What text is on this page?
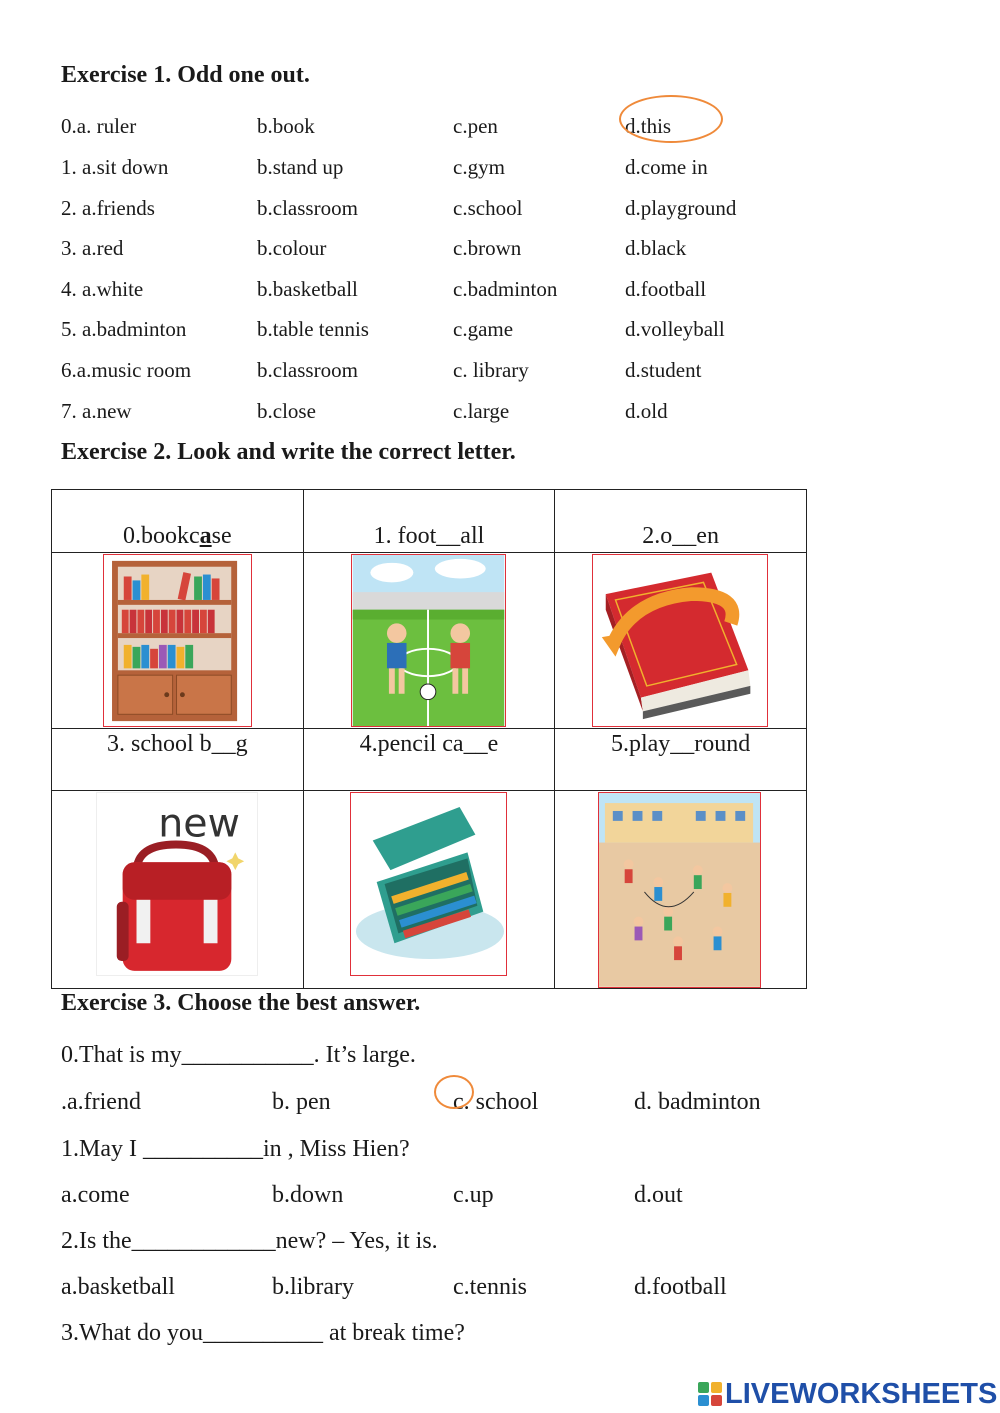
Exercise 1. Odd one out.
0.a. ruler	b.book	c.pen	d.this
1. a.sit down	b.stand up	c.gym	d.come in
2. a.friends	b.classroom	c.school	d.playground
3. a.red	b.colour	c.brown	d.black
4. a.white	b.basketball	c.badminton	d.football
5. a.badminton	b.table tennis	c.game	d.volleyball
6.a.music room	b.classroom	c. library	d.student
7. a.new	b.close	c.large	d.old
Exercise 2. Look and write the correct letter.
0.bookcase	1. foot__all	2.o__en

3. school b__g	4.pencil ca__e	5.play__round

new

Exercise 3. Choose the best answer.
0.That is my___________. It’s large.
.a.friend	b. pen	c. school	d. badminton
1.May I __________in , Miss Hien?
a.come	b.down	c.up	d.out
2.Is the____________new? – Yes, it is.
a.basketball	b.library	c.tennis	d.football
3.What do you__________ at break time?
LIVEWORKSHEETS
